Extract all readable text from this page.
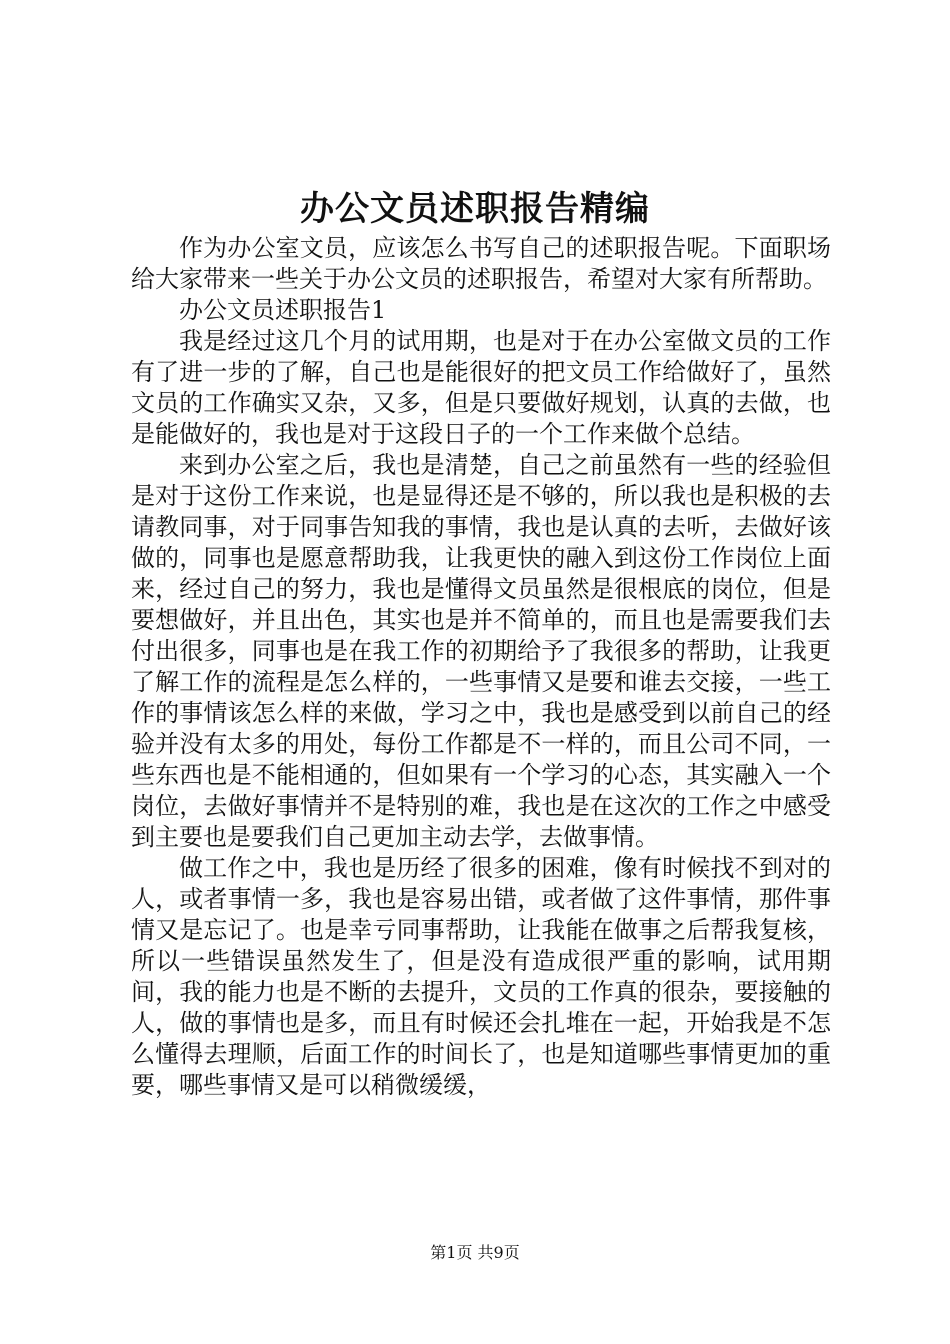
办公文员述职报告精编

作为办公室文员，应该怎么书写自己的述职报告呢。下面职场给大家带来一些关于办公文员的述职报告，希望对大家有所帮助。

办公文员述职报告1

我是经过这几个月的试用期，也是对于在办公室做文员的工作有了进一步的了解，自己也是能很好的把文员工作给做好了，虽然文员的工作确实又杂，又多，但是只要做好规划，认真的去做，也是能做好的，我也是对于这段日子的一个工作来做个总结。

来到办公室之后，我也是清楚，自己之前虽然有一些的经验但是对于这份工作来说，也是显得还是不够的，所以我也是积极的去请教同事，对于同事告知我的事情，我也是认真的去听，去做好该做的，同事也是愿意帮助我，让我更快的融入到这份工作岗位上面来，经过自己的努力，我也是懂得文员虽然是很根底的岗位，但是要想做好，并且出色，其实也是并不简单的，而且也是需要我们去付出很多，同事也是在我工作的初期给予了我很多的帮助，让我更了解工作的流程是怎么样的，一些事情又是要和谁去交接，一些工作的事情该怎么样的来做，学习之中，我也是感受到以前自己的经验并没有太多的用处，每份工作都是不一样的，而且公司不同，一些东西也是不能相通的，但如果有一个学习的心态，其实融入一个岗位，去做好事情并不是特别的难，我也是在这次的工作之中感受到主要也是要我们自己更加主动去学，去做事情。

做工作之中，我也是历经了很多的困难，像有时候找不到对的人，或者事情一多，我也是容易出错，或者做了这件事情，那件事情又是忘记了。也是幸亏同事帮助，让我能在做事之后帮我复核，所以一些错误虽然发生了，但是没有造成很严重的影响，试用期间，我的能力也是不断的去提升，文员的工作真的很杂，要接触的人，做的事情也是多，而且有时候还会扎堆在一起，开始我是不怎么懂得去理顺，后面工作的时间长了，也是知道哪些事情更加的重要，哪些事情又是可以稍微缓缓，

第1页 共9页
